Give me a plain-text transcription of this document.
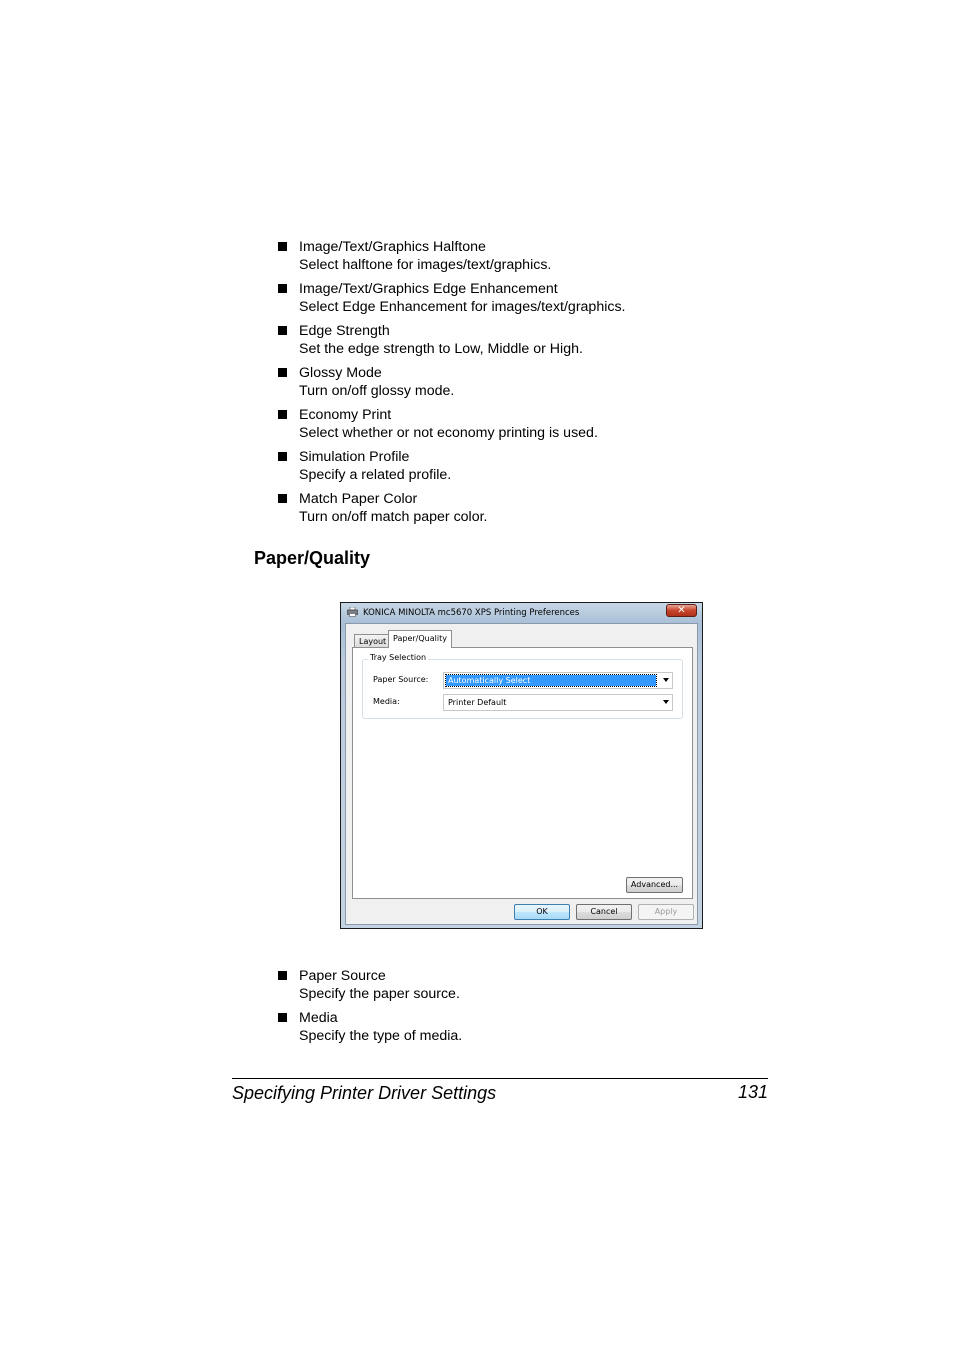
Image/Text/Graphics Halftone
Select halftone for images/text/graphics.
Image/Text/Graphics Edge Enhancement
Select Edge Enhancement for images/text/graphics.
Edge Strength
Set the edge strength to Low, Middle or High.
Glossy Mode
Turn on/off glossy mode.
Economy Print
Select whether or not economy printing is used.
Simulation Profile
Specify a related profile.
Match Paper Color
Turn on/off match paper color.
Paper/Quality
KONICA MINOLTA mc5670 XPS Printing Preferences	✕
Layout Paper/Quality
Tray Selection
Paper Source: Automatically Select
Media:	Printer Default
Advanced...
OK	Cancel	Apply
Paper Source
Specify the paper source.
Media
Specify the type of media.
Specifying Printer Driver Settings	131
